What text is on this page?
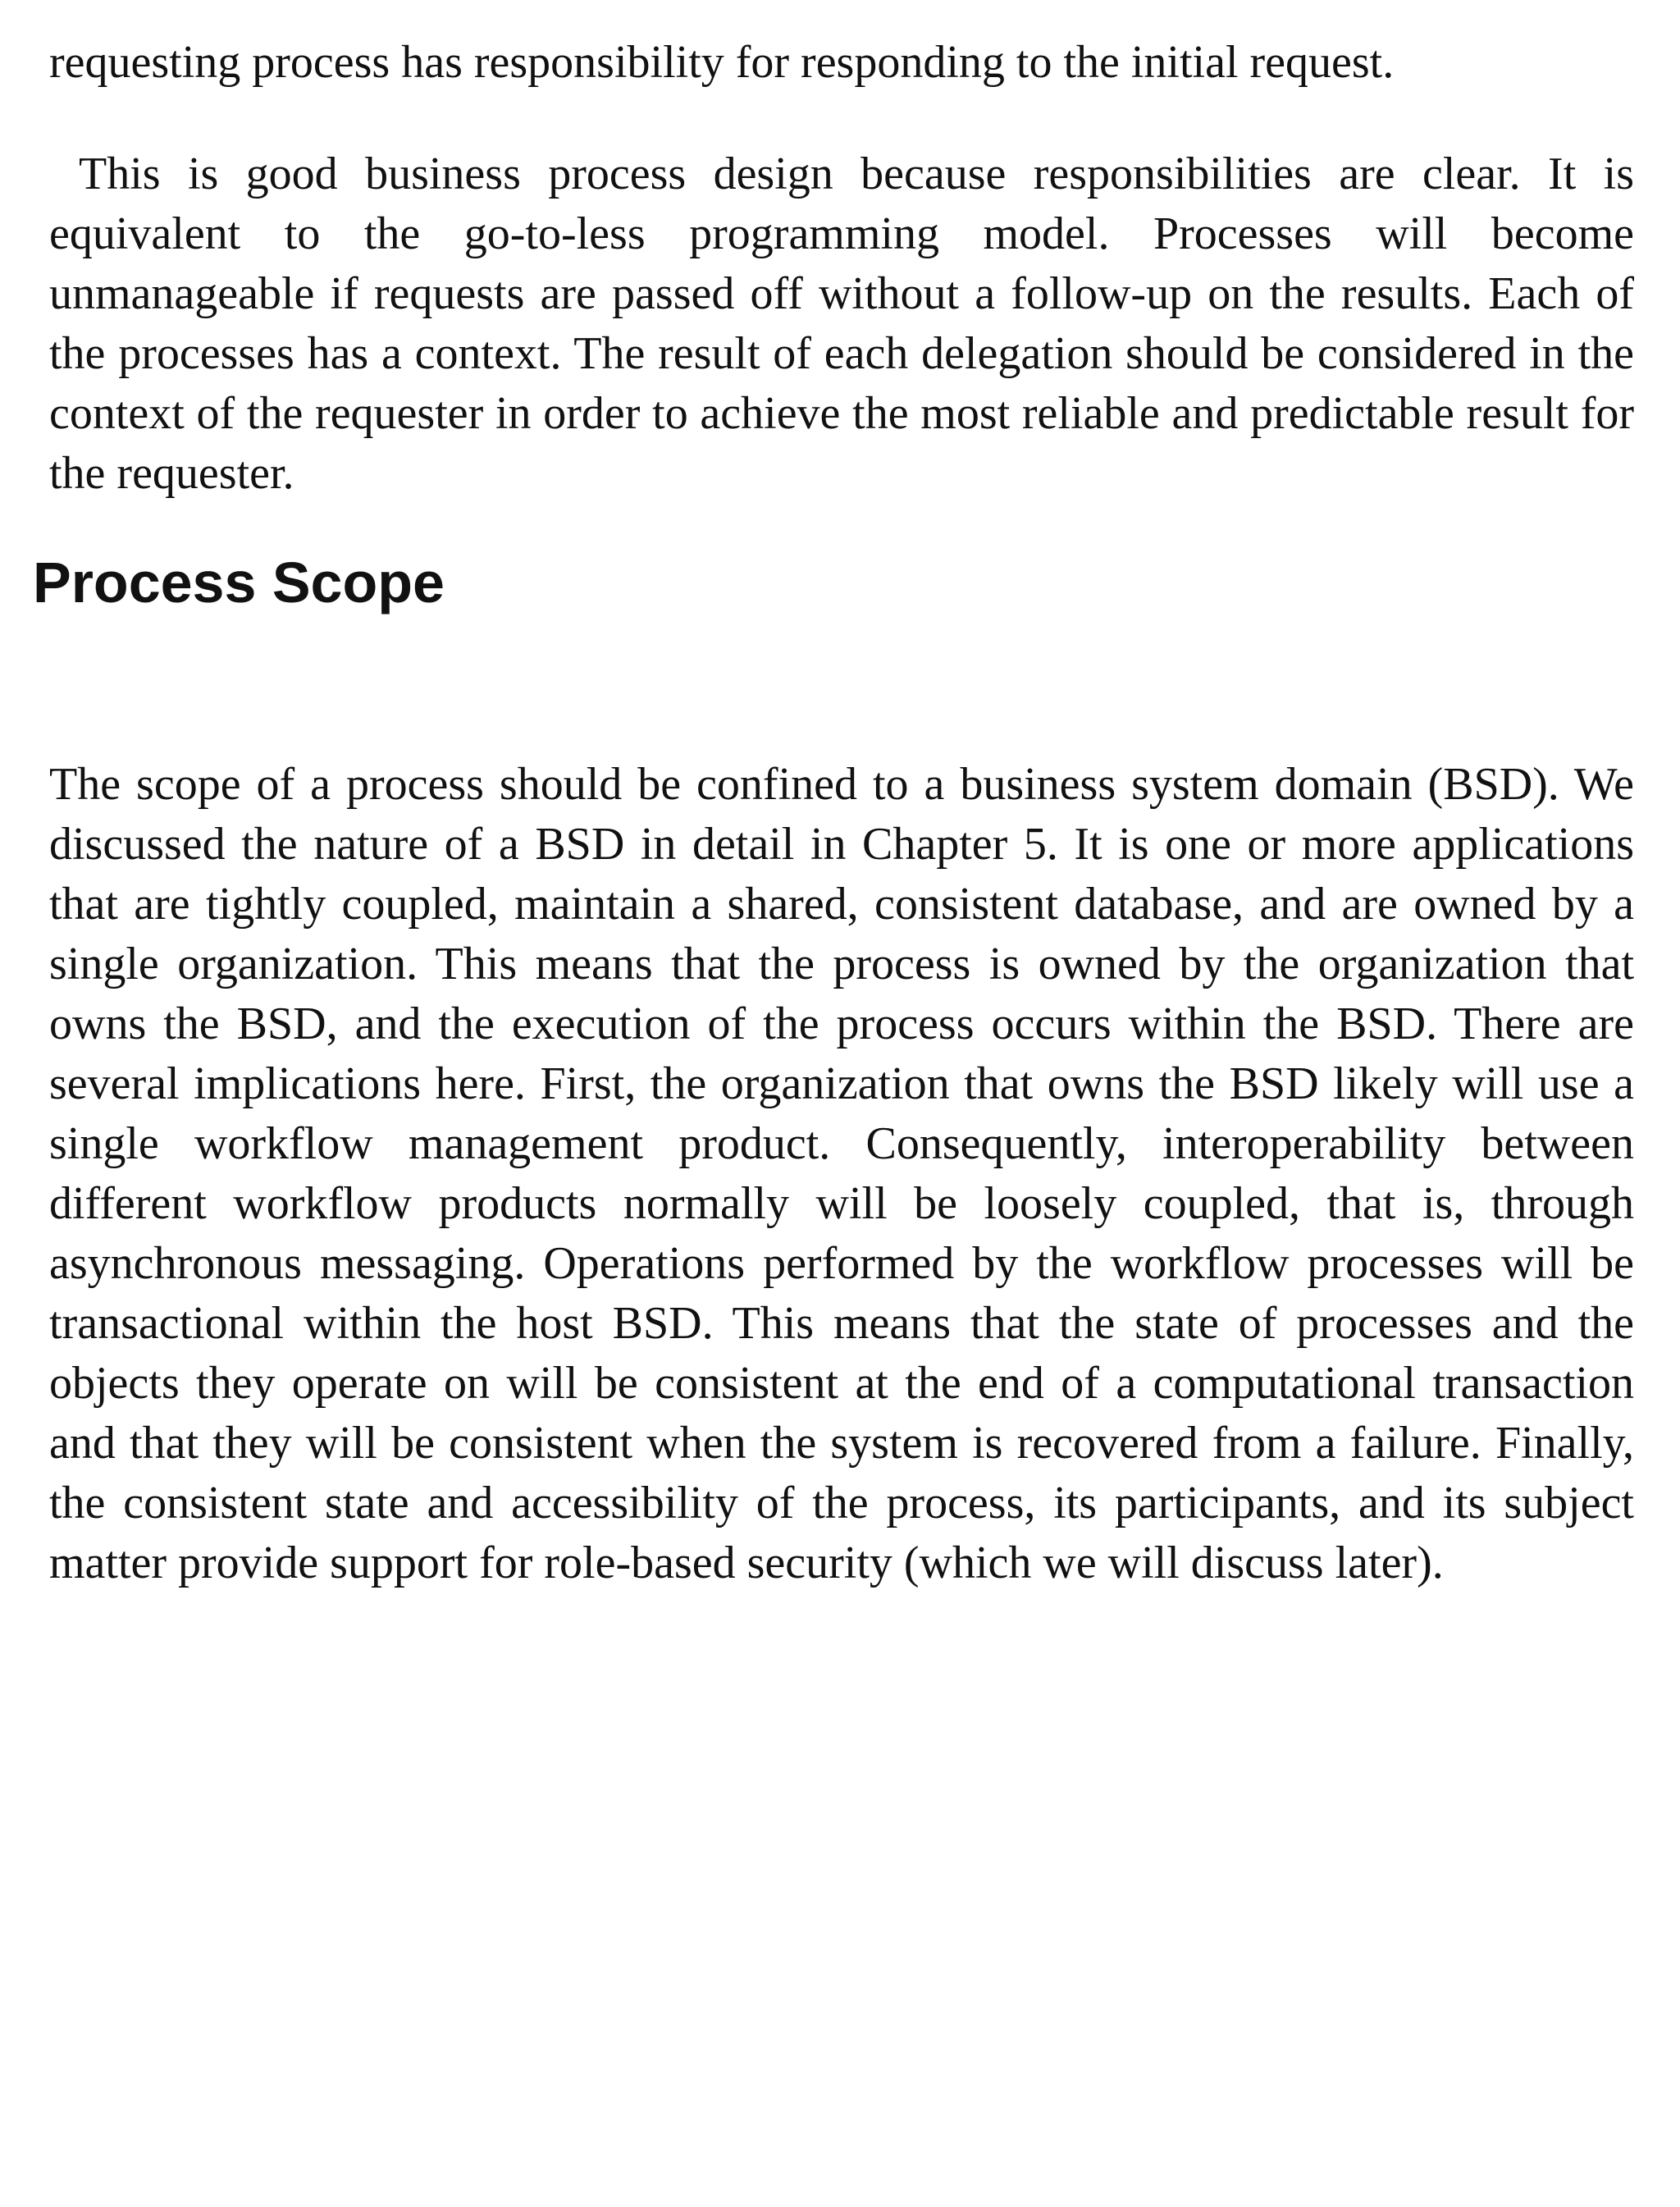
requesting process has responsibility for responding to the initial request.

This is good business process design because responsibilities are clear. It is equivalent to the go-to-less programming model. Processes will become unmanageable if requests are passed off without a follow-up on the results. Each of the processes has a context. The result of each delegation should be considered in the context of the requester in order to achieve the most reliable and predictable result for the requester.

Process Scope

The scope of a process should be confined to a business system domain (BSD). We discussed the nature of a BSD in detail in Chapter 5. It is one or more applications that are tightly coupled, maintain a shared, consistent database, and are owned by a single organization. This means that the process is owned by the organization that owns the BSD, and the execution of the process occurs within the BSD. There are several implications here. First, the organization that owns the BSD likely will use a single workflow management product. Consequently, interoperability between different workflow products normally will be loosely coupled, that is, through asynchronous messaging. Operations performed by the workflow processes will be transactional within the host BSD. This means that the state of processes and the objects they operate on will be consistent at the end of a computational transaction and that they will be consistent when the system is recovered from a failure. Finally, the consistent state and accessibility of the process, its participants, and its subject matter provide support for role-based security (which we will discuss later).
